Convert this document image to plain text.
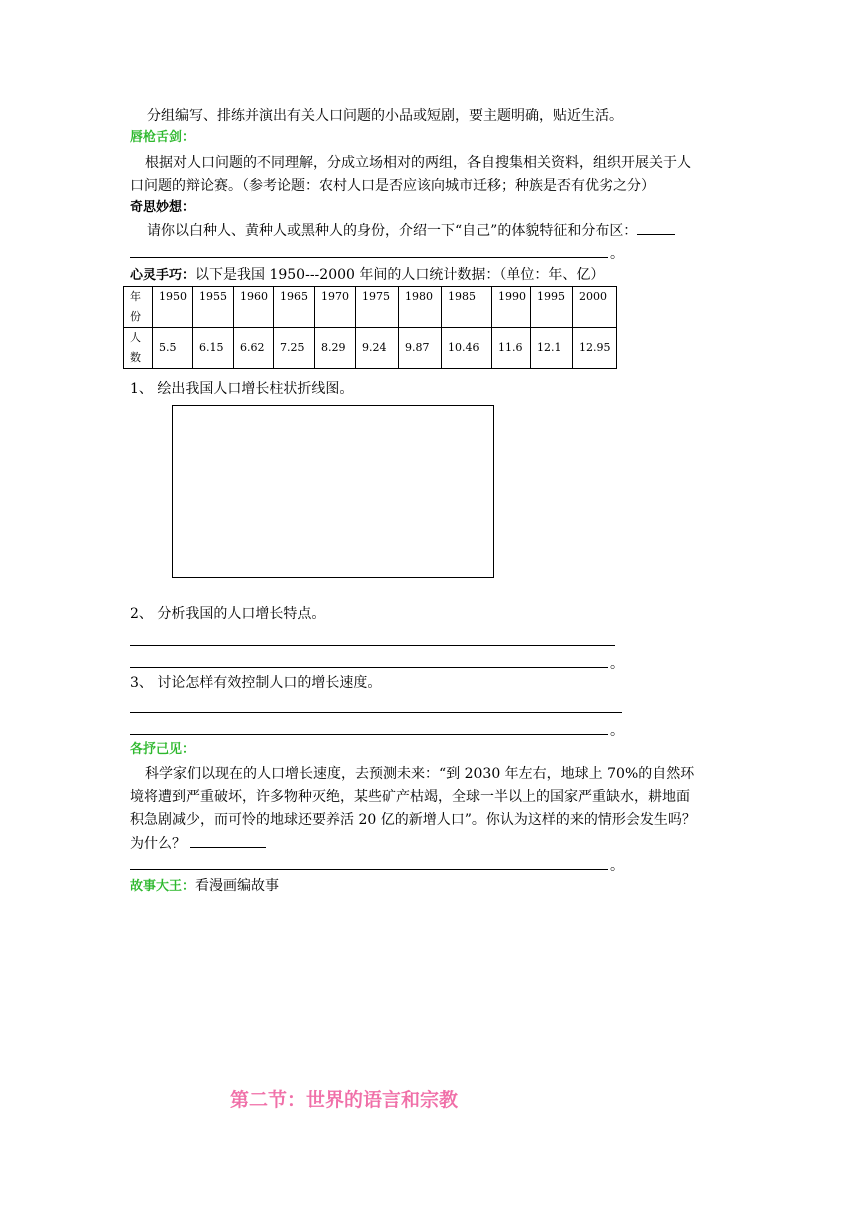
分组编写、排练并演出有关人口问题的小品或短剧，要主题明确，贴近生活。
唇枪舌剑：
根据对人口问题的不同理解，分成立场相对的两组，各自搜集相关资料，组织开展关于人
口问题的辩论赛。（参考论题：农村人口是否应该向城市迁移；种族是否有优劣之分）
奇思妙想：
请你以白种人、黄种人或黑种人的身份，介绍一下“自己”的体貌特征和分布区：
。
心灵手巧：以下是我国 1950---2000 年间的人口统计数据：（单位：年、亿）
年
份	1950	1955	1960	1965	1970	1975	1980	1985	1990	1995	2000

人
数	5.5	6.15	6.62	7.25	8.29	9.24	9.87	10.46	11.6	12.1	12.95
1、 绘出我国人口增长柱状折线图。
2、 分析我国的人口增长特点。
。
3、 讨论怎样有效控制人口的增长速度。
。
各抒己见：
科学家们以现在的人口增长速度，去预测未来：“到 2030 年左右，地球上 70%的自然环
境将遭到严重破坏，许多物种灭绝，某些矿产枯竭，全球一半以上的国家严重缺水，耕地面
积急剧减少，而可怜的地球还要养活 20 亿的新增人口”。你认为这样的来的情形会发生吗？
为什么？
。
故事大王：看漫画编故事
第二节：世界的语言和宗教
